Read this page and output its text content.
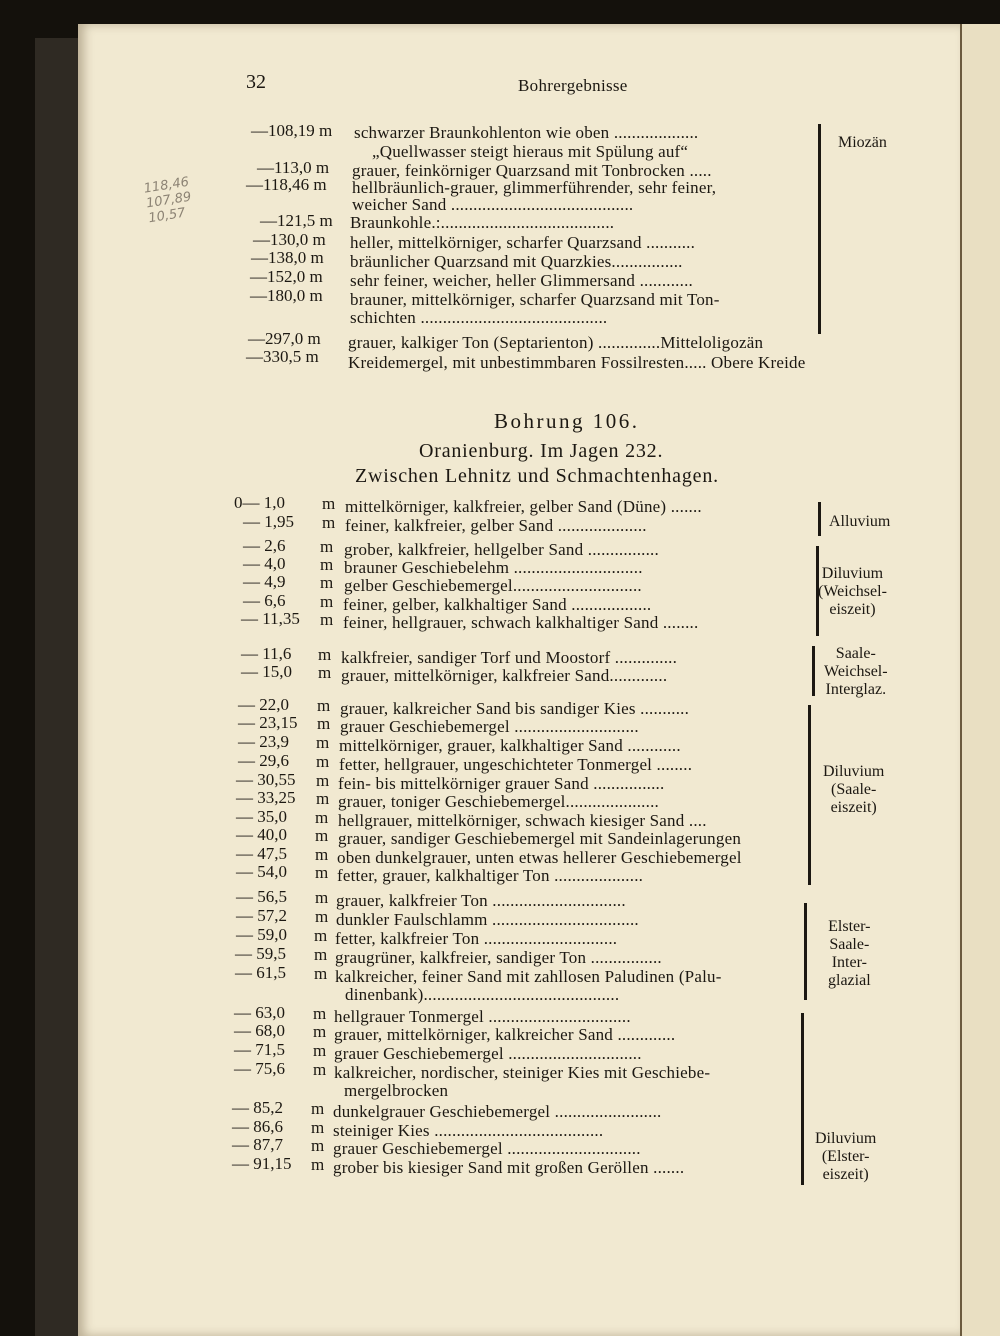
32	Bohrergebnisse
118,46
107,89
10,57
—108,19 m schwarzer Braunkohlenton wie oben ...................
„Quellwasser steigt hieraus mit Spülung auf“
—113,0 m grauer, feinkörniger Quarzsand mit Tonbrocken .....
—118,46 m hellbräunlich-grauer, glimmerführender, sehr feiner,
weicher Sand .........................................
—121,5 m Braunkohle.:.......................................
—130,0 m heller, mittelkörniger, scharfer Quarzsand ...........
—138,0 m bräunlicher Quarzsand mit Quarzkies................
—152,0 m sehr feiner, weicher, heller Glimmersand ............
—180,0 m brauner, mittelkörniger, scharfer Quarzsand mit Ton-
schichten ..........................................
—297,0 m grauer, kalkiger Ton (Septarienton) ..............Mitteloligozän
—330,5 m Kreidemergel, mit unbestimmbaren Fossilresten..... Obere Kreide
Miozän
Bohrung 106.
Oranienburg. Im Jagen 232.
Zwischen Lehnitz und Schmachtenhagen.
0— 1,0 m mittelkörniger, kalkfreier, gelber Sand (Düne) .......
— 1,95 m feiner, kalkfreier, gelber Sand ....................
— 2,6 m grober, kalkfreier, hellgelber Sand ................
— 4,0 m brauner Geschiebelehm .............................
— 4,9 m gelber Geschiebemergel.............................
— 6,6 m feiner, gelber, kalkhaltiger Sand ..................
— 11,35 m feiner, hellgrauer, schwach kalkhaltiger Sand ........
— 11,6 m kalkfreier, sandiger Torf und Moostorf ..............
— 15,0 m grauer, mittelkörniger, kalkfreier Sand.............
— 22,0 m grauer, kalkreicher Sand bis sandiger Kies ...........
— 23,15 m grauer Geschiebemergel ............................
— 23,9 m mittelkörniger, grauer, kalkhaltiger Sand ............
— 29,6 m fetter, hellgrauer, ungeschichteter Tonmergel ........
— 30,55 m fein- bis mittelkörniger grauer Sand ................
— 33,25 m grauer, toniger Geschiebemergel.....................
— 35,0 m hellgrauer, mittelkörniger, schwach kiesiger Sand ....
— 40,0 m grauer, sandiger Geschiebemergel mit Sandeinlagerungen
— 47,5 m oben dunkelgrauer, unten etwas hellerer Geschiebemergel
— 54,0 m fetter, grauer, kalkhaltiger Ton ....................
— 56,5 m grauer, kalkfreier Ton ..............................
— 57,2 m dunkler Faulschlamm .................................
— 59,0 m fetter, kalkfreier Ton ..............................
— 59,5 m graugrüner, kalkfreier, sandiger Ton ................
— 61,5 m kalkreicher, feiner Sand mit zahllosen Paludinen (Palu-
dinenbank)............................................
— 63,0 m hellgrauer Tonmergel ................................
— 68,0 m grauer, mittelkörniger, kalkreicher Sand .............
— 71,5 m grauer Geschiebemergel ..............................
— 75,6 m kalkreicher, nordischer, steiniger Kies mit Geschiebe-
mergelbrocken
— 85,2 m dunkelgrauer Geschiebemergel ........................
— 86,6 m steiniger Kies ......................................
— 87,7 m grauer Geschiebemergel ..............................
— 91,15 m grober bis kiesiger Sand mit großen Geröllen .......
Alluvium
Diluvium
(Weichsel-
eiszeit)
Saale-
Weichsel-
Interglaz.
Diluvium
(Saale-
eiszeit)
Elster-
Saale-
Inter-
glazial
Diluvium
(Elster-
eiszeit)
